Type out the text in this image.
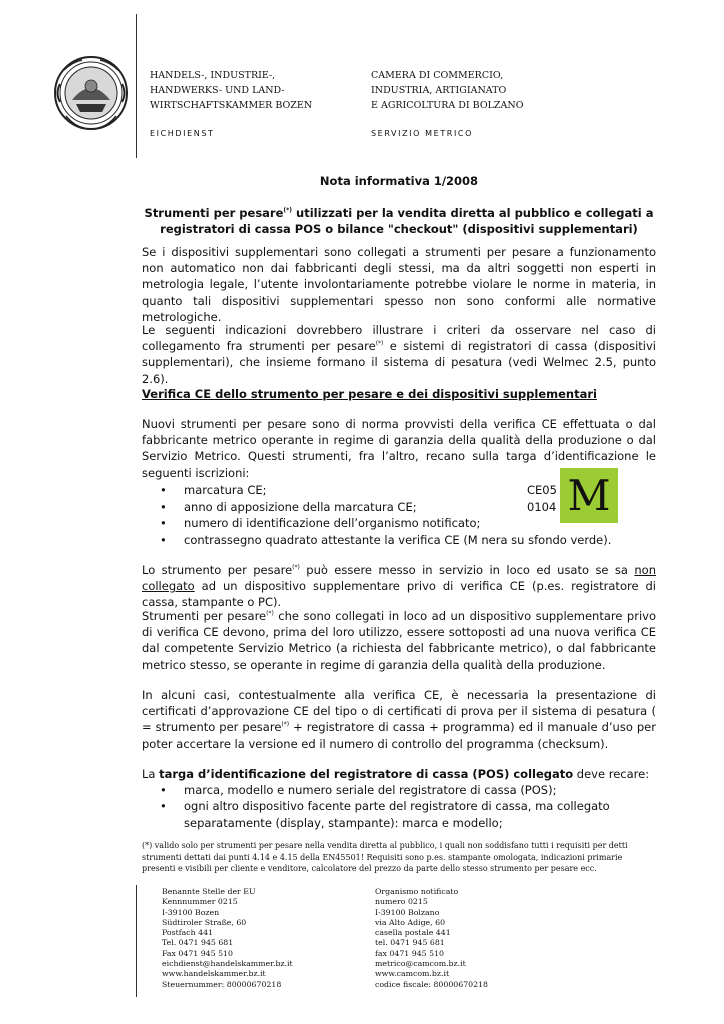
HANDELS-, INDUSTRIE-,
HANDWERKS- UND LAND-
WIRTSCHAFTSKAMMER BOZEN
CAMERA DI COMMERCIO,
INDUSTRIA, ARTIGIANATO
E AGRICOLTURA DI BOLZANO
EICHDIENST	SERVIZIO METRICO
Nota informativa 1/2008
Strumenti per pesare(*) utilizzati per la vendita diretta al pubblico e collegati a registratori di cassa POS o bilance "checkout" (dispositivi supplementari)
Se i dispositivi supplementari sono collegati a strumenti per pesare a funzionamento non automatico non dai fabbricanti degli stessi, ma da altri soggetti non esperti in metrologia legale, l’utente involontariamente potrebbe violare le norme in materia, in quanto tali dispositivi supplementari spesso non sono conformi alle normative metrologiche.
Le seguenti indicazioni dovrebbero illustrare i criteri da osservare nel caso di collegamento fra strumenti per pesare(*) e sistemi di registratori di cassa (dispositivi supplementari), che insieme formano il sistema di pesatura (vedi Welmec 2.5, punto 2.6).
Verifica CE dello strumento per pesare e dei dispositivi supplementari
Nuovi strumenti per pesare sono di norma provvisti della verifica CE effettuata o dal fabbricante metrico operante in regime di garanzia della qualità della produzione o dal Servizio Metrico. Questi strumenti, fra l’altro, recano sulla targa d’identificazione le seguenti iscrizioni:
• marcatura CE;
• anno di apposizione della marcatura CE;
• numero di identificazione dell’organismo notificato;
• contrassegno quadrato attestante la verifica CE (M nera su sfondo verde).
CE05
0104 M
Lo strumento per pesare(*) può essere messo in servizio in loco ed usato se sa non collegato ad un dispositivo supplementare privo di verifica CE (p.es. registratore di cassa, stampante o PC).
Strumenti per pesare(*) che sono collegati in loco ad un dispositivo supplementare privo di verifica CE devono, prima del loro utilizzo, essere sottoposti ad una nuova verifica CE dal competente Servizio Metrico (a richiesta del fabbricante metrico), o dal fabbricante metrico stesso, se operante in regime di garanzia della qualità della produzione.
In alcuni casi, contestualmente alla verifica CE, è necessaria la presentazione di certificati d’approvazione CE del tipo o di certificati di prova per il sistema di pesatura ( = strumento per pesare(*) + registratore di cassa + programma) ed il manuale d’uso per poter accertare la versione ed il numero di controllo del programma (checksum).
La targa d’identificazione del registratore di cassa (POS) collegato deve recare:
• marca, modello e numero seriale del registratore di cassa (POS);
• ogni altro dispositivo facente parte del registratore di cassa, ma collegato separatamente (display, stampante): marca e modello;
(*) valido solo per strumenti per pesare nella vendita diretta al pubblico, i quali non soddisfano tutti i requisiti per detti strumenti dettati dai punti 4.14 e 4.15 della EN45501! Requisiti sono p.es. stampante omologata, indicazioni primarie presenti e visibili per cliente e venditore, calcolatore del prezzo da parte dello stesso strumento per pesare ecc.
Benannte Stelle der EU
Kennnummer 0215
I-39100 Bozen
Südtiroler Straße, 60
Postfach 441
Tel. 0471 945 681
Fax 0471 945 510
eichdienst@handelskammer.bz.it
www.handelskammer.bz.it
Steuernummer: 80000670218
Organismo notificato
numero 0215
I-39100 Bolzano
via Alto Adige, 60
casella postale 441
tel. 0471 945 681
fax 0471 945 510
metrico@camcom.bz.it
www.camcom.bz.it
codice fiscale: 80000670218
